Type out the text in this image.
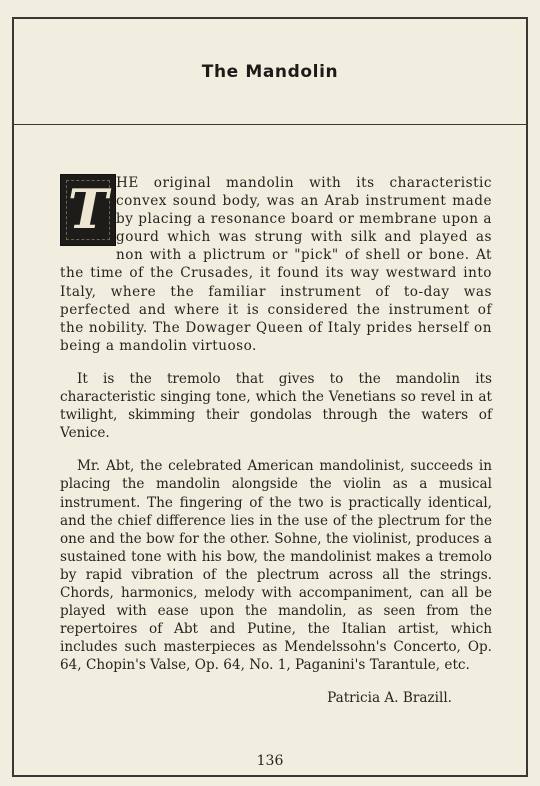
The Mandolin

T HE original mandolin with its characteristic convex sound body, was an Arab instrument made by placing a resonance board or membrane upon a gourd which was strung with silk and played as non with a plictrum or "pick" of shell or bone. At the time of the Crusades, it found its way westward into Italy, where the familiar instrument of to-day was perfected and where it is considered the instrument of the nobility. The Dowager Queen of Italy prides herself on being a mandolin virtuoso.

It is the tremolo that gives to the mandolin its characteristic singing tone, which the Venetians so revel in at twilight, skimming their gondolas through the waters of Venice.

Mr. Abt, the celebrated American mandolinist, succeeds in placing the mandolin alongside the violin as a musical instrument. The fingering of the two is practically identical, and the chief difference lies in the use of the plectrum for the one and the bow for the other. Sohne, the violinist, produces a sustained tone with his bow, the mandolinist makes a tremolo by rapid vibration of the plectrum across all the strings. Chords, harmonics, melody with accompaniment, can all be played with ease upon the mandolin, as seen from the repertoires of Abt and Putine, the Italian artist, which includes such masterpieces as Mendelssohn's Concerto, Op. 64, Chopin's Valse, Op. 64, No. 1, Paganini's Tarantule, etc.

Patricia A. Brazill.
136
